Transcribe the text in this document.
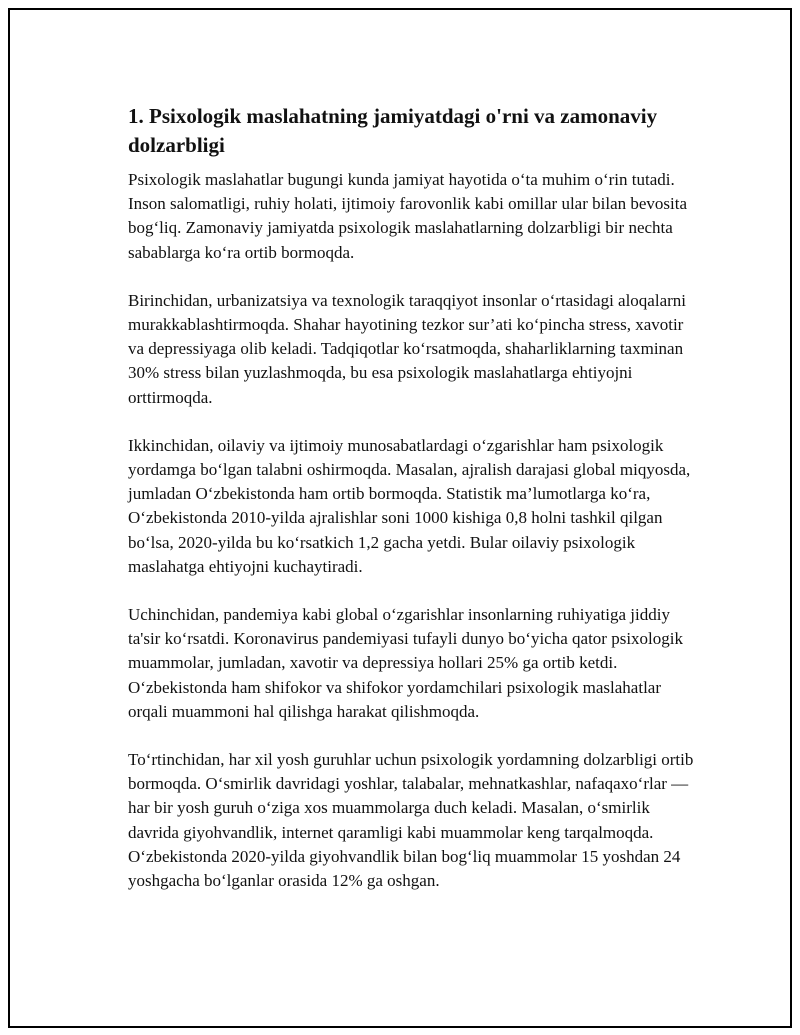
1. Psixologik maslahatning jamiyatdagi o'rni va zamonaviy dolzarbligi

Psixologik maslahatlar bugungi kunda jamiyat hayotida o‘ta muhim o‘rin tutadi. Inson salomatligi, ruhiy holati, ijtimoiy farovonlik kabi omillar ular bilan bevosita bog‘liq. Zamonaviy jamiyatda psixologik maslahatlarning dolzarbligi bir nechta sabablarga ko‘ra ortib bormoqda.

Birinchidan, urbanizatsiya va texnologik taraqqiyot insonlar o‘rtasidagi aloqalarni murakkablashtirmoqda. Shahar hayotining tezkor sur’ati ko‘pincha stress, xavotir va depressiyaga olib keladi. Tadqiqotlar ko‘rsatmoqda, shaharliklarning taxminan 30% stress bilan yuzlashmoqda, bu esa psixologik maslahatlarga ehtiyojni orttirmoqda.

Ikkinchidan, oilaviy va ijtimoiy munosabatlardagi o‘zgarishlar ham psixologik yordamga bo‘lgan talabni oshirmoqda. Masalan, ajralish darajasi global miqyosda, jumladan O‘zbekistonda ham ortib bormoqda. Statistik ma’lumotlarga ko‘ra, O‘zbekistonda 2010-yilda ajralishlar soni 1000 kishiga 0,8 holni tashkil qilgan bo‘lsa, 2020-yilda bu ko‘rsatkich 1,2 gacha yetdi. Bular oilaviy psixologik maslahatga ehtiyojni kuchaytiradi.

Uchinchidan, pandemiya kabi global o‘zgarishlar insonlarning ruhiyatiga jiddiy ta'sir ko‘rsatdi. Koronavirus pandemiyasi tufayli dunyo bo‘yicha qator psixologik muammolar, jumladan, xavotir va depressiya hollari 25% ga ortib ketdi. O‘zbekistonda ham shifokor va shifokor yordamchilari psixologik maslahatlar orqali muammoni hal qilishga harakat qilishmoqda.

To‘rtinchidan, har xil yosh guruhlar uchun psixologik yordamning dolzarbligi ortib bormoqda. O‘smirlik davridagi yoshlar, talabalar, mehnatkashlar, nafaqaxo‘rlar — har bir yosh guruh o‘ziga xos muammolarga duch keladi. Masalan, o‘smirlik davrida giyohvandlik, internet qaramligi kabi muammolar keng tarqalmoqda. O‘zbekistonda 2020-yilda giyohvandlik bilan bog‘liq muammolar 15 yoshdan 24 yoshgacha bo‘lganlar orasida 12% ga oshgan.
